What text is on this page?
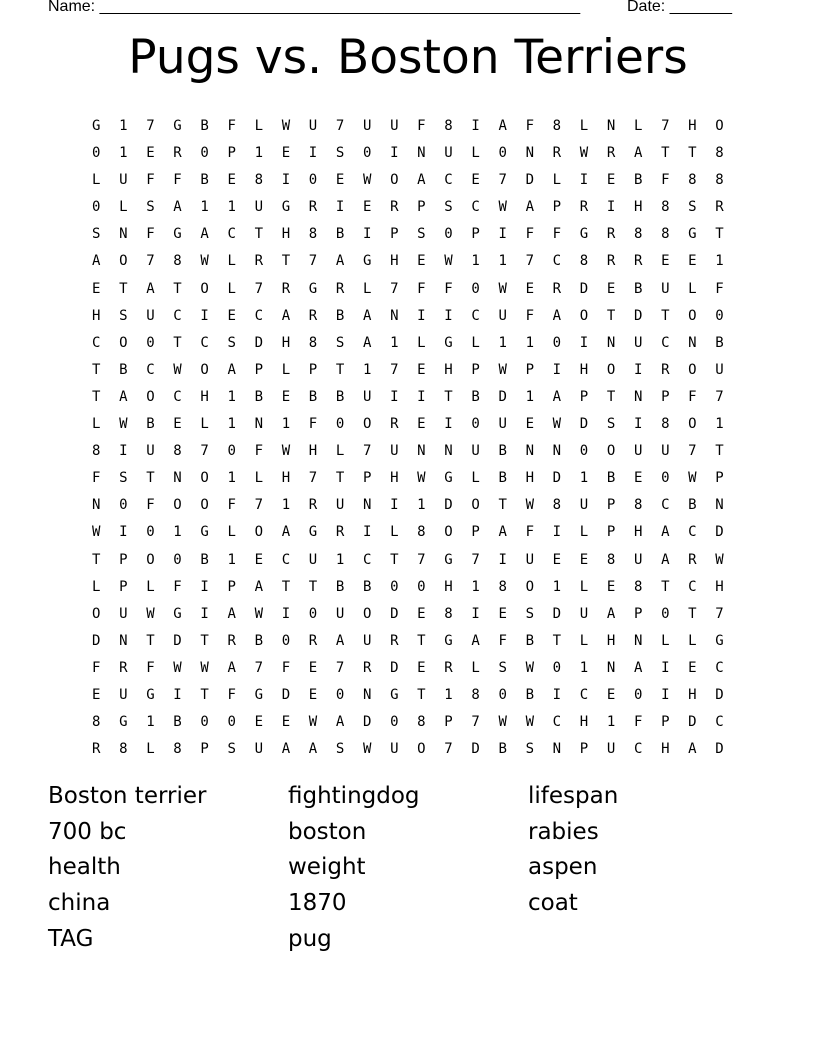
Name: ______________________________________________________	Date: _______
Pugs vs. Boston Terriers
G17GBFLWU7UUF8IAF8LNL7HO
01ER0P1EIS0INUL0NRWRATT8
LUFFBE8I0EWOACE7DLIEBF88
0LSA11UGRIERPSCWAPRIH8SR
SNFGACTH8BIPS0PIFFGR88GT
AO78WLRT7AGHEW117C8RREE1
ETATOL7RGRL7FF0WERDEBULF
HSUCIECARBANIICUFAOTDTO0
CO0TCSDH8SA1LGL110INUCNB
TBCWOAPLPT17EHPWPIHOIROU
TAOCH1BEBBUIITBD1APTNPF7
LWBEL1N1F0OREI0UEWDSI8O1
8IU870FWHL7UNNUBNN0OUU7T
FSTNO1LH7TPHWGLBHD1BE0WP
N0FOOF71RUNI1DOTW8UP8CBN
WI01GLOAGRIL8OPAFILPHACD
TPO0B1ECU1CT7G7IUEE8UARW
LPLFIPATTBB00H18O1LE8TCH
OUWGIAWI0UODE8IESDUAP0T7
DNTDTRB0RAURTGAFBTLHNLLG
FRFWWA7FE7RDERLSW01NAIEC
EUGITFGDE0NGT180BICE0IHD
8G1B00EEWAD08P7WWCH1FPDC
R8L8PSUAASWUO7DBSNPUCHAD
Boston terrier
700 bc
health
china
TAG
fightingdog
boston
weight
1870
pug
lifespan
rabies
aspen
coat
